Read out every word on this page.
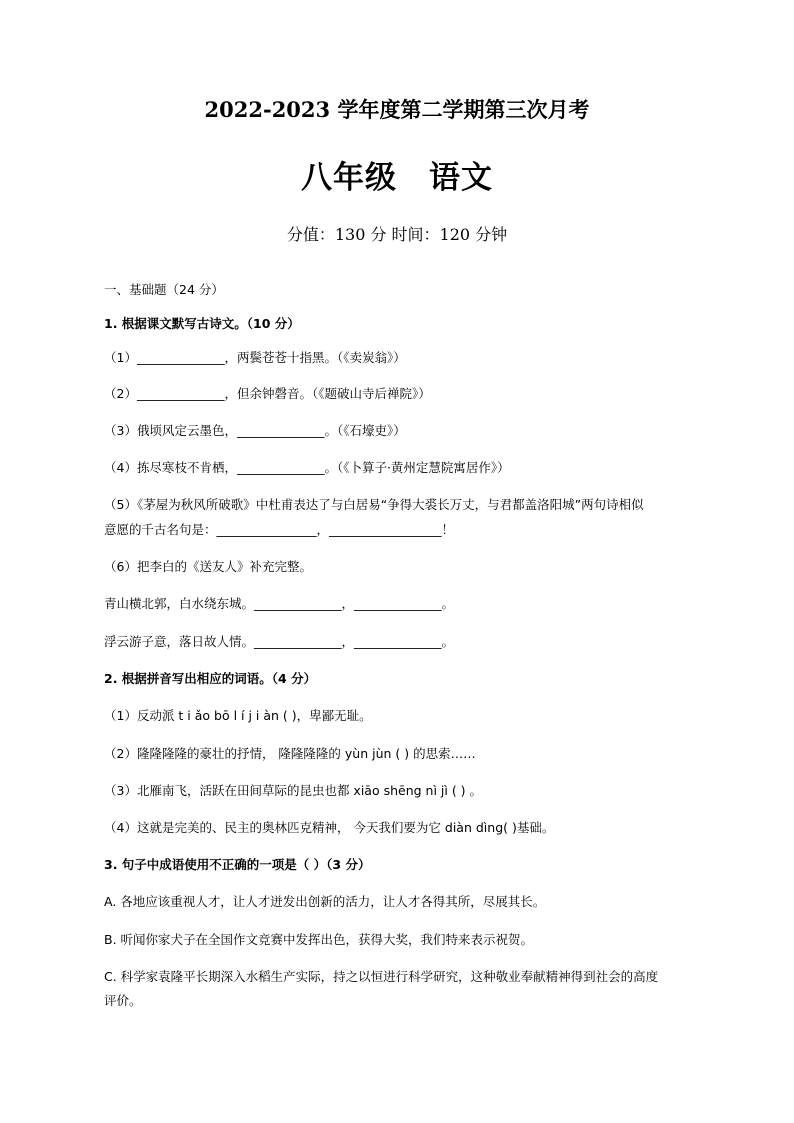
2022-2023 学年度第二学期第三次月考
八年级　语文
分值：130 分 时间：120 分钟
一、基础题（24 分）
1. 根据课文默写古诗文。（10 分）
（1）______________，两鬓苍苍十指黑。（《卖炭翁》）
（2）______________，但余钟磬音。（《题破山寺后禅院》）
（3）俄顷风定云墨色，______________。（《石壕吏》）
（4）拣尽寒枝不肯栖，______________。（《卜算子·黄州定慧院寓居作》）
（5）《茅屋为秋风所破歌》中杜甫表达了与白居易“争得大裘长万丈，与君都盖洛阳城”两句诗相似
意愿的千古名句是：________________，__________________！
（6）把李白的《送友人》补充完整。
青山横北郭，白水绕东城。______________，______________。
浮云游子意，落日故人情。______________，______________。
2. 根据拼音写出相应的词语。（4 分）
（1）反动派 t i ǎo bō l í j i àn ( )，卑鄙无耻。
（2）隆隆隆隆的豪壮的抒情， 隆隆隆隆的 yùn jùn ( ) 的思索……
（3）北雁南飞，活跃在田间草际的昆虫也都 xiāo shēng nì jì ( ) 。
（4）这就是完美的、民主的奥林匹克精神， 今天我们要为它 diàn dìng( )基础。
3. 句子中成语使用不正确的一项是（ ）（3 分）
A. 各地应该重视人才，让人才迸发出创新的活力，让人才各得其所，尽展其长。
B. 听闻你家犬子在全国作文竞赛中发挥出色，获得大奖，我们特来表示祝贺。
C. 科学家袁隆平长期深入水稻生产实际，持之以恒进行科学研究，这种敬业奉献精神得到社会的高度
评价。
